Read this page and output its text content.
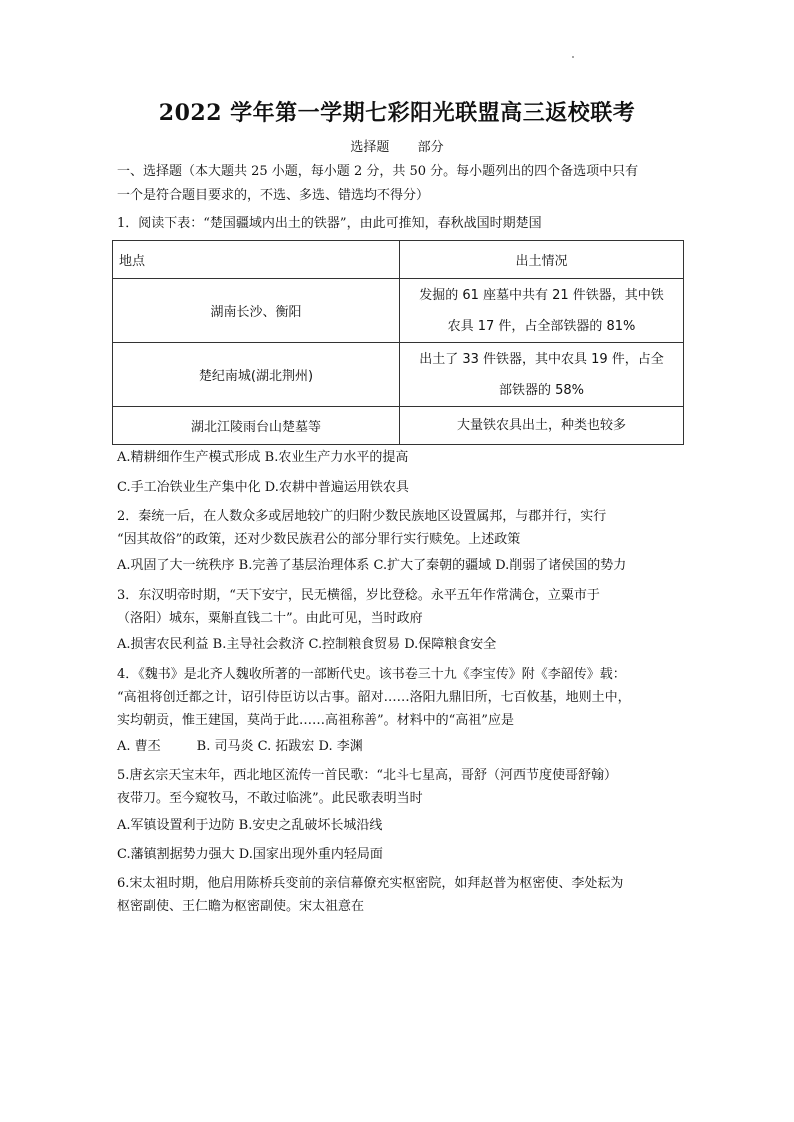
2022 学年第一学期七彩阳光联盟高三返校联考
选择题 部分
一、选择题（本大题共 25 小题，每小题 2 分，共 50 分。每小题列出的四个备选项中只有
一个是符合题目要求的，不选、多选、错选均不得分）
1．阅读下表：“楚国疆域内出土的铁器”，由此可推知，春秋战国时期楚国
地点	出土情况
湖南长沙、衡阳	发掘的 61 座墓中共有 21 件铁器，其中铁
农具 17 件，占全部铁器的 81%

楚纪南城(湖北荆州)	出土了 33 件铁器，其中农具 19 件，占全
部铁器的 58%

湖北江陵雨台山楚墓等	大量铁农具出土，种类也较多
A.精耕细作生产模式形成 B.农业生产力水平的提高
C.手工冶铁业生产集中化 D.农耕中普遍运用铁农具
2．秦统一后，在人数众多或居地较广的归附少数民族地区设置属邦，与郡并行，实行
“因其故俗”的政策，还对少数民族君公的部分罪行实行赎免。上述政策
A.巩固了大一统秩序 B.完善了基层治理体系 C.扩大了秦朝的疆域 D.削弱了诸侯国的势力
3．东汉明帝时期，“天下安宁，民无横徭，岁比登稔。永平五年作常满仓，立粟市于
（洛阳）城东，粟斛直钱二十”。由此可见，当时政府
A.损害农民利益 B.主导社会救济 C.控制粮食贸易 D.保障粮食安全
4．《魏书》是北齐人魏收所著的一部断代史。该书卷三十九《李宝传》附《李韶传》载：
“高祖将创迁都之计，诏引侍臣访以古事。韶对……洛阳九鼎旧所，七百攸基，地则土中，
实均朝贡，惟王建国，莫尚于此……高祖称善”。材料中的“高祖”应是
A. 曹丕	B. 司马炎 C. 拓跋宏 D. 李渊
5.唐玄宗天宝末年，西北地区流传一首民歌：“北斗七星高，哥舒（河西节度使哥舒翰）
夜带刀。至今窥牧马，不敢过临洮”。此民歌表明当时
A.军镇设置利于边防 B.安史之乱破坏长城沿线
C.藩镇割据势力强大 D.国家出现外重内轻局面
6.宋太祖时期，他启用陈桥兵变前的亲信幕僚充实枢密院，如拜赵普为枢密使、李处耘为
枢密副使、王仁瞻为枢密副使。宋太祖意在
